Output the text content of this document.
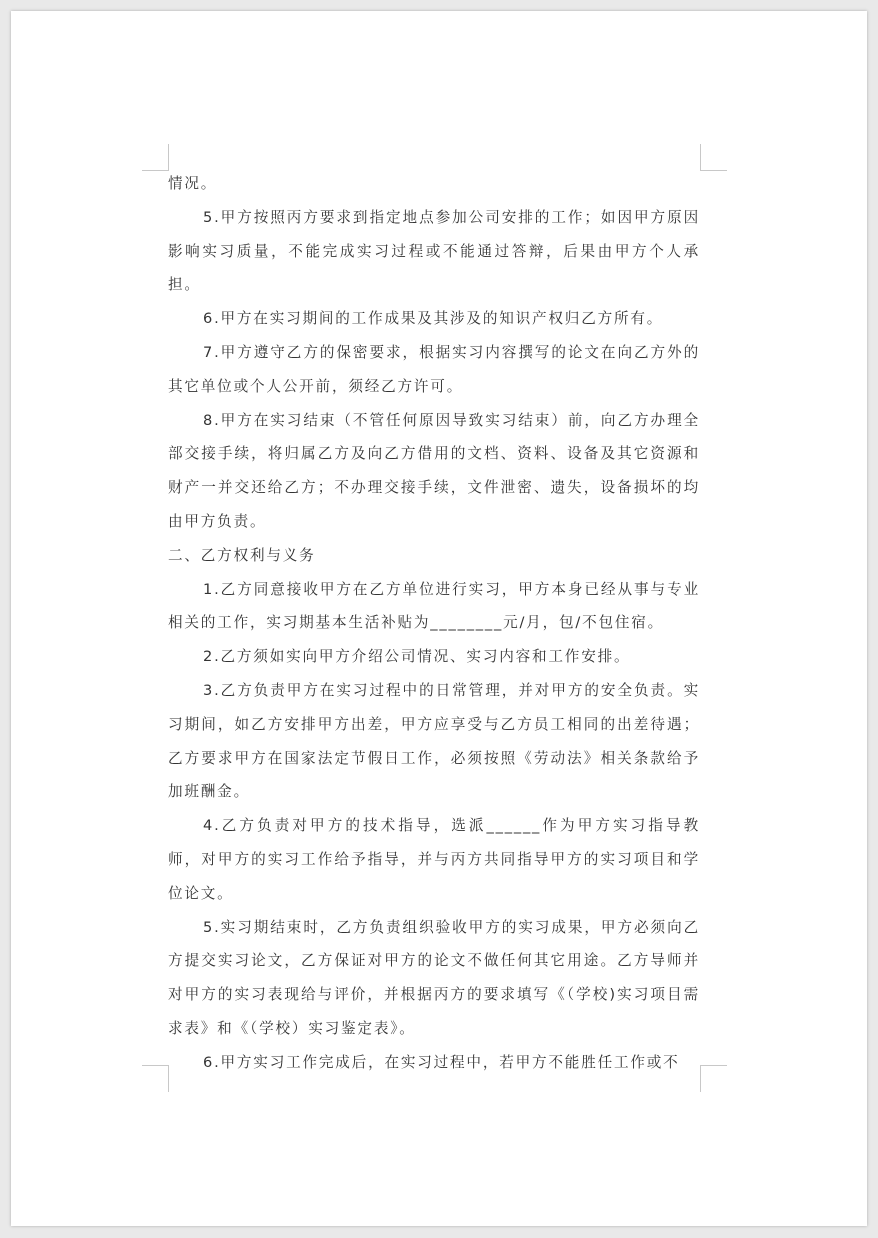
情况。

5.甲方按照丙方要求到指定地点参加公司安排的工作；如因甲方原因影响实习质量，不能完成实习过程或不能通过答辩，后果由甲方个人承担。

6.甲方在实习期间的工作成果及其涉及的知识产权归乙方所有。

7.甲方遵守乙方的保密要求，根据实习内容撰写的论文在向乙方外的其它单位或个人公开前，须经乙方许可。

8.甲方在实习结束（不管任何原因导致实习结束）前，向乙方办理全部交接手续，将归属乙方及向乙方借用的文档、资料、设备及其它资源和财产一并交还给乙方；不办理交接手续，文件泄密、遗失，设备损坏的均由甲方负责。

二、乙方权利与义务

1.乙方同意接收甲方在乙方单位进行实习，甲方本身已经从事与专业相关的工作，实习期基本生活补贴为________元/月，包/不包住宿。

2.乙方须如实向甲方介绍公司情况、实习内容和工作安排。

3.乙方负责甲方在实习过程中的日常管理，并对甲方的安全负责。实习期间，如乙方安排甲方出差，甲方应享受与乙方员工相同的出差待遇；乙方要求甲方在国家法定节假日工作，必须按照《劳动法》相关条款给予加班酬金。

4.乙方负责对甲方的技术指导，选派______作为甲方实习指导教师，对甲方的实习工作给予指导，并与丙方共同指导甲方的实习项目和学位论文。

5.实习期结束时，乙方负责组织验收甲方的实习成果，甲方必须向乙方提交实习论文，乙方保证对甲方的论文不做任何其它用途。乙方导师并对甲方的实习表现给与评价，并根据丙方的要求填写《（学校)实习项目需求表》和《（学校）实习鉴定表》。

6.甲方实习工作完成后，在实习过程中，若甲方不能胜任工作或不
